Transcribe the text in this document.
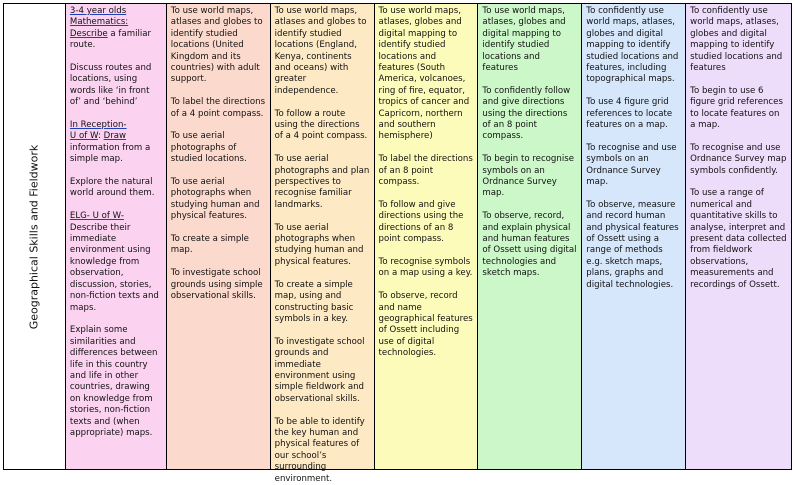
Geographical Skills and Fieldwork
3-4 year olds
Mathematics:

Describe a familiar route.

Discuss routes and locations, using words like ‘in front of’ and ‘behind’

In Reception-
U of W: Draw information from a simple map.

Explore the natural world around them.

ELG- U of W- Describe their immediate environment using knowledge from observation, discussion, stories, non-fiction texts and maps.

Explain some similarities and differences between life in this country and life in other countries, drawing on knowledge from stories, non-fiction texts and (when appropriate) maps.

To use world maps, atlases and globes to identify studied locations (United Kingdom and its countries) with adult support.

To label the directions of a 4 point compass.

To use aerial photographs of studied locations.

To use aerial photographs when studying human and physical features.

To create a simple map.

To investigate school grounds using simple observational skills.

To use world maps, atlases and globes to identify studied locations (England, Kenya, continents and oceans) with greater independence.

To follow a route using the directions of a 4 point compass.

To use aerial photographs and plan perspectives to recognise familiar landmarks.

To use aerial photographs when studying human and physical features.

To create a simple map, using and constructing basic symbols in a key.

To investigate school grounds and immediate environment using simple fieldwork and observational skills.

To be able to identify the key human and physical features of our school’s surrounding environment.

To use world maps, atlases, globes and digital mapping to identify studied locations and features (South America, volcanoes, ring of fire, equator, tropics of cancer and Capricorn, northern and southern hemisphere)

To label the directions of an 8 point compass.

To follow and give directions using the directions of an 8 point compass.

To recognise symbols on a map using a key.

To observe, record and name geographical features of Ossett including use of digital technologies.

To use world maps, atlases, globes and digital mapping to identify studied locations and features

To confidently follow and give directions using the directions of an 8 point compass.

To begin to recognise symbols on an Ordnance Survey map.

To observe, record, and explain physical and human features of Ossett using digital technologies and sketch maps.

To confidently use world maps, atlases, globes and digital mapping to identify studied locations and features, including topographical maps.

To use 4 figure grid references to locate features on a map.

To recognise and use symbols on an Ordnance Survey map.

To observe, measure and record human and physical features of Ossett using a range of methods e.g. sketch maps, plans, graphs and digital technologies.

To confidently use world maps, atlases, globes and digital mapping to identify studied locations and features

To begin to use 6 figure grid references to locate features on a map.

To recognise and use Ordnance Survey map symbols confidently.

To use a range of numerical and quantitative skills to analyse, interpret and present data collected from fieldwork observations, measurements and recordings of Ossett.
